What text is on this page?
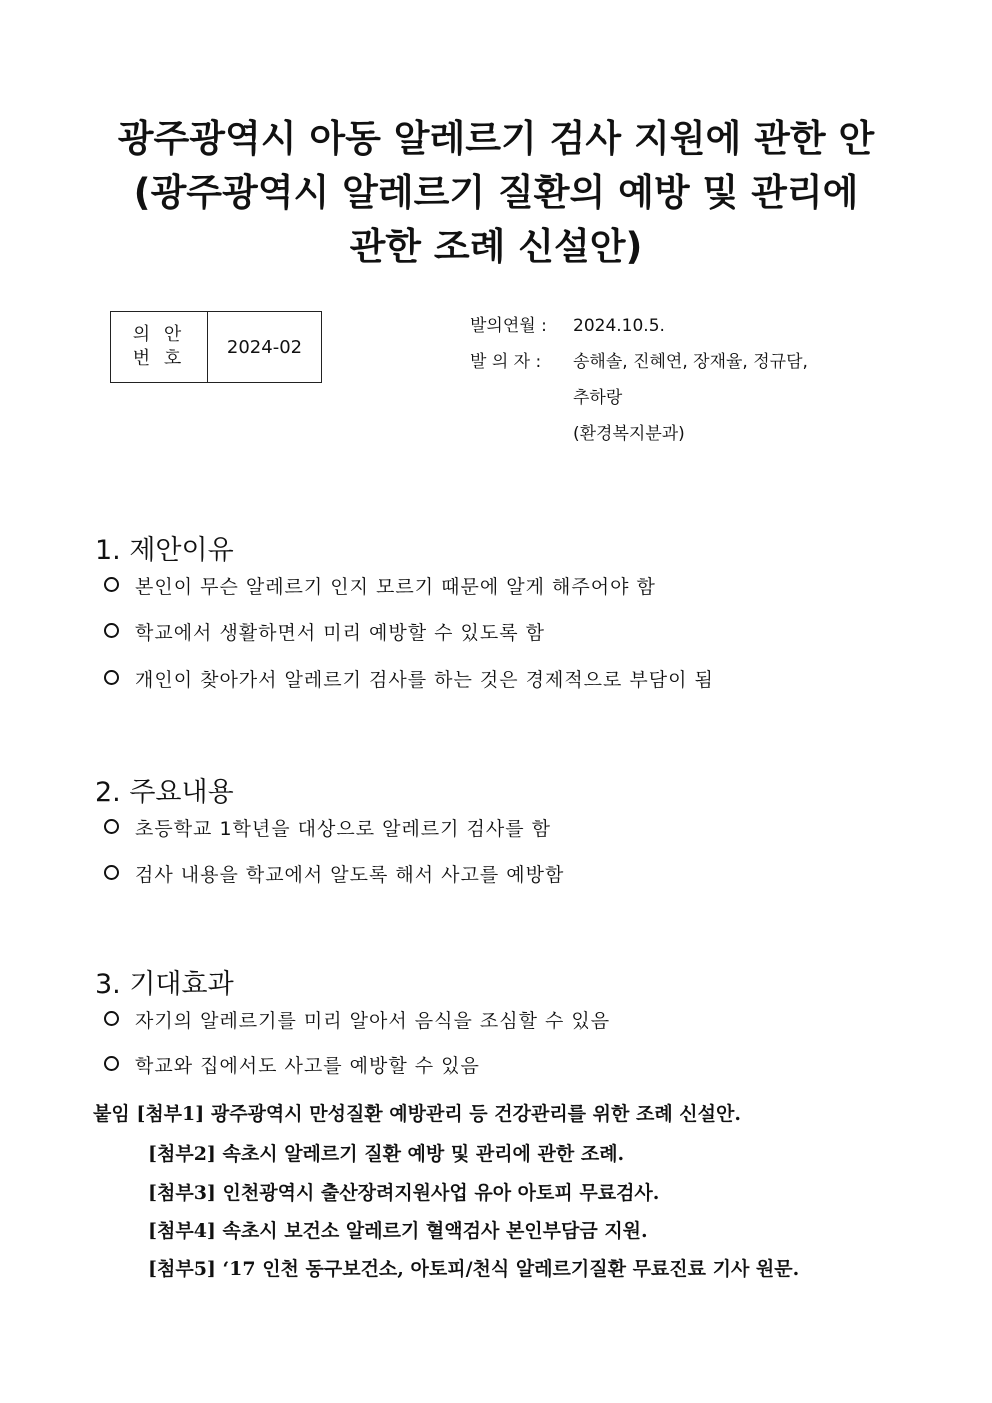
광주광역시 아동 알레르기 검사 지원에 관한 안
(광주광역시 알레르기 질환의 예방 및 관리에
관한 조례 신설안)
의 안
번 호
	2024-02
발의연월 :	2024.10.5.
발 의 자 :	송해솔, 진혜연, 장재율, 정규담,
추하랑
(환경복지분과)
1. 제안이유
본인이 무슨 알레르기 인지 모르기 때문에 알게 해주어야 함
학교에서 생활하면서 미리 예방할 수 있도록 함
개인이 찾아가서 알레르기 검사를 하는 것은 경제적으로 부담이 됨
2. 주요내용
초등학교 1학년을 대상으로 알레르기 검사를 함
검사 내용을 학교에서 알도록 해서 사고를 예방함
3. 기대효과
자기의 알레르기를 미리 알아서 음식을 조심할 수 있음
학교와 집에서도 사고를 예방할 수 있음
붙임 [첨부1] 광주광역시 만성질환 예방관리 등 건강관리를 위한 조례 신설안.
[첨부2] 속초시 알레르기 질환 예방 및 관리에 관한 조례.
[첨부3] 인천광역시 출산장려지원사업 유아 아토피 무료검사.
[첨부4] 속초시 보건소 알레르기 혈액검사 본인부담금 지원.
[첨부5] ‘17 인천 동구보건소, 아토피/천식 알레르기질환 무료진료 기사 원문.
